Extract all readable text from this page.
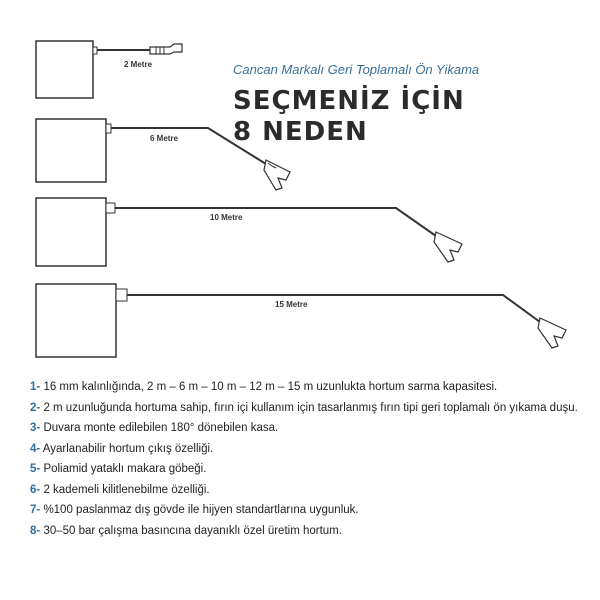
2 Metre
6 Metre
10 Metre
15 Metre
Cancan Markalı Geri Toplamalı Ön Yikama
SEÇMENİZ İÇİN
8 NEDEN

1- 16 mm kalınlığında, 2 m – 6 m – 10 m – 12 m – 15 m uzunlukta hortum sarma kapasitesi.

2- 2 m uzunluğunda hortuma sahip, fırın içi kullanım için tasarlanmış fırın tipi geri toplamalı ön yıkama duşu.

3- Duvara monte edilebilen 180° dönebilen kasa.

4- Ayarlanabilir hortum çıkış özelliği.

5- Poliamid yataklı makara göbeği.

6- 2 kademeli kilitlenebilme özelliği.

7- %100 paslanmaz dış gövde ile hijyen standartlarına uygunluk.

8- 30–50 bar çalışma basıncına dayanıklı özel üretim hortum.
